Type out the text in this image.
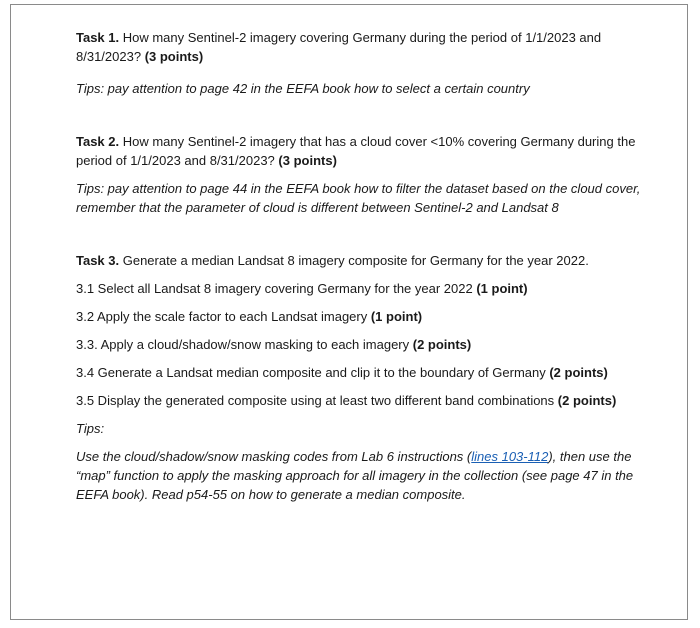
Task 1. How many Sentinel-2 imagery covering Germany during the period of 1/1/2023 and 8/31/2023? (3 points)

Tips: pay attention to page 42 in the EEFA book how to select a certain country

Task 2. How many Sentinel-2 imagery that has a cloud cover <10% covering Germany during the period of 1/1/2023 and 8/31/2023? (3 points)

Tips: pay attention to page 44 in the EEFA book how to filter the dataset based on the cloud cover, remember that the parameter of cloud is different between Sentinel-2 and Landsat 8

Task 3. Generate a median Landsat 8 imagery composite for Germany for the year 2022.

3.1 Select all Landsat 8 imagery covering Germany for the year 2022 (1 point)

3.2 Apply the scale factor to each Landsat imagery (1 point)

3.3. Apply a cloud/shadow/snow masking to each imagery (2 points)

3.4 Generate a Landsat median composite and clip it to the boundary of Germany (2 points)

3.5 Display the generated composite using at least two different band combinations (2 points)

Tips:

Use the cloud/shadow/snow masking codes from Lab 6 instructions (lines 103-112), then use the “map” function to apply the masking approach for all imagery in the collection (see page 47 in the EEFA book). Read p54-55 on how to generate a median composite.
